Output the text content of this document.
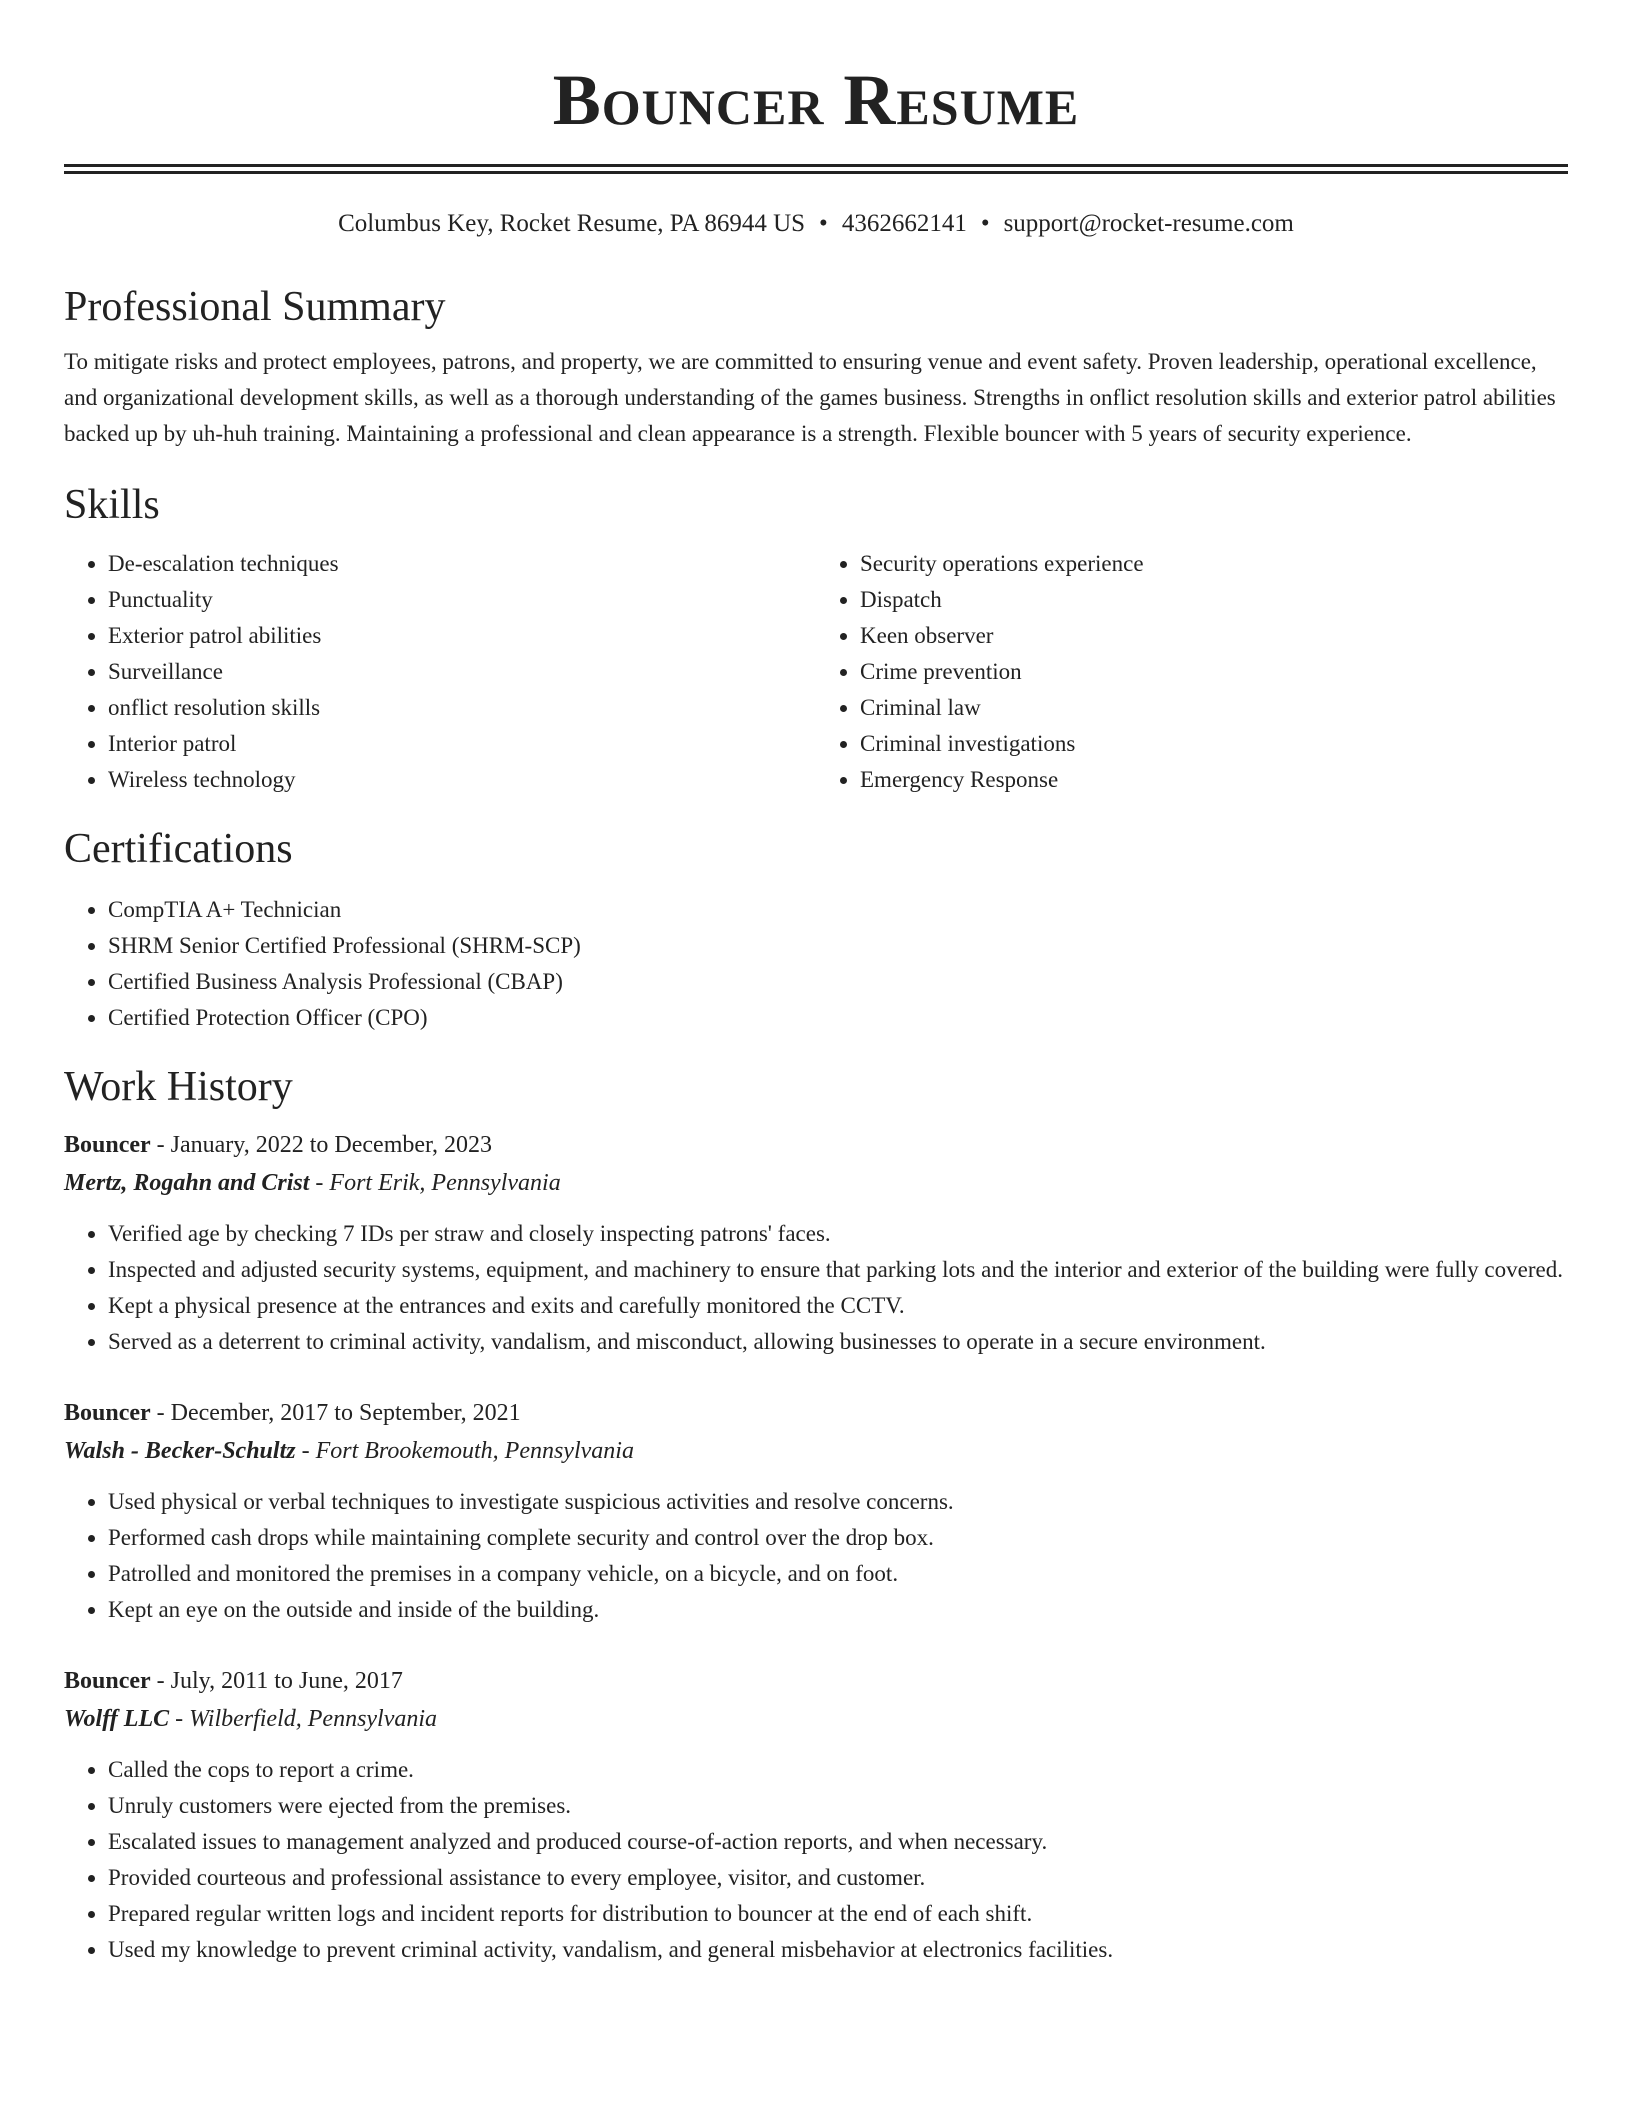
Bouncer Resume
Columbus Key, Rocket Resume, PA 86944 US • 4362662141 • support@rocket-resume.com
Professional Summary

To mitigate risks and protect employees, patrons, and property, we are committed to ensuring venue and event safety. Proven leadership, operational excellence, and organizational development skills, as well as a thorough understanding of the games business. Strengths in onflict resolution skills and exterior patrol abilities backed up by uh-huh training. Maintaining a professional and clean appearance is a strength. Flexible bouncer with 5 years of security experience.

Skills
• De-escalation techniques
• Punctuality
• Exterior patrol abilities
• Surveillance
• onflict resolution skills
• Interior patrol
• Wireless technology
• Security operations experience
• Dispatch
• Keen observer
• Crime prevention
• Criminal law
• Criminal investigations
• Emergency Response
Certifications
• CompTIA A+ Technician
• SHRM Senior Certified Professional (SHRM-SCP)
• Certified Business Analysis Professional (CBAP)
• Certified Protection Officer (CPO)
Work History

Bouncer - January, 2022 to December, 2023

Mertz, Rogahn and Crist - Fort Erik, Pennsylvania

• Verified age by checking 7 IDs per straw and closely inspecting patrons' faces.
• Inspected and adjusted security systems, equipment, and machinery to ensure that parking lots and the interior and exterior of the building were fully covered.
• Kept a physical presence at the entrances and exits and carefully monitored the CCTV.
• Served as a deterrent to criminal activity, vandalism, and misconduct, allowing businesses to operate in a secure environment.

Bouncer - December, 2017 to September, 2021

Walsh - Becker-Schultz - Fort Brookemouth, Pennsylvania

• Used physical or verbal techniques to investigate suspicious activities and resolve concerns.
• Performed cash drops while maintaining complete security and control over the drop box.
• Patrolled and monitored the premises in a company vehicle, on a bicycle, and on foot.
• Kept an eye on the outside and inside of the building.

Bouncer - July, 2011 to June, 2017

Wolff LLC - Wilberfield, Pennsylvania

• Called the cops to report a crime.
• Unruly customers were ejected from the premises.
• Escalated issues to management analyzed and produced course-of-action reports, and when necessary.
• Provided courteous and professional assistance to every employee, visitor, and customer.
• Prepared regular written logs and incident reports for distribution to bouncer at the end of each shift.
• Used my knowledge to prevent criminal activity, vandalism, and general misbehavior at electronics facilities.
